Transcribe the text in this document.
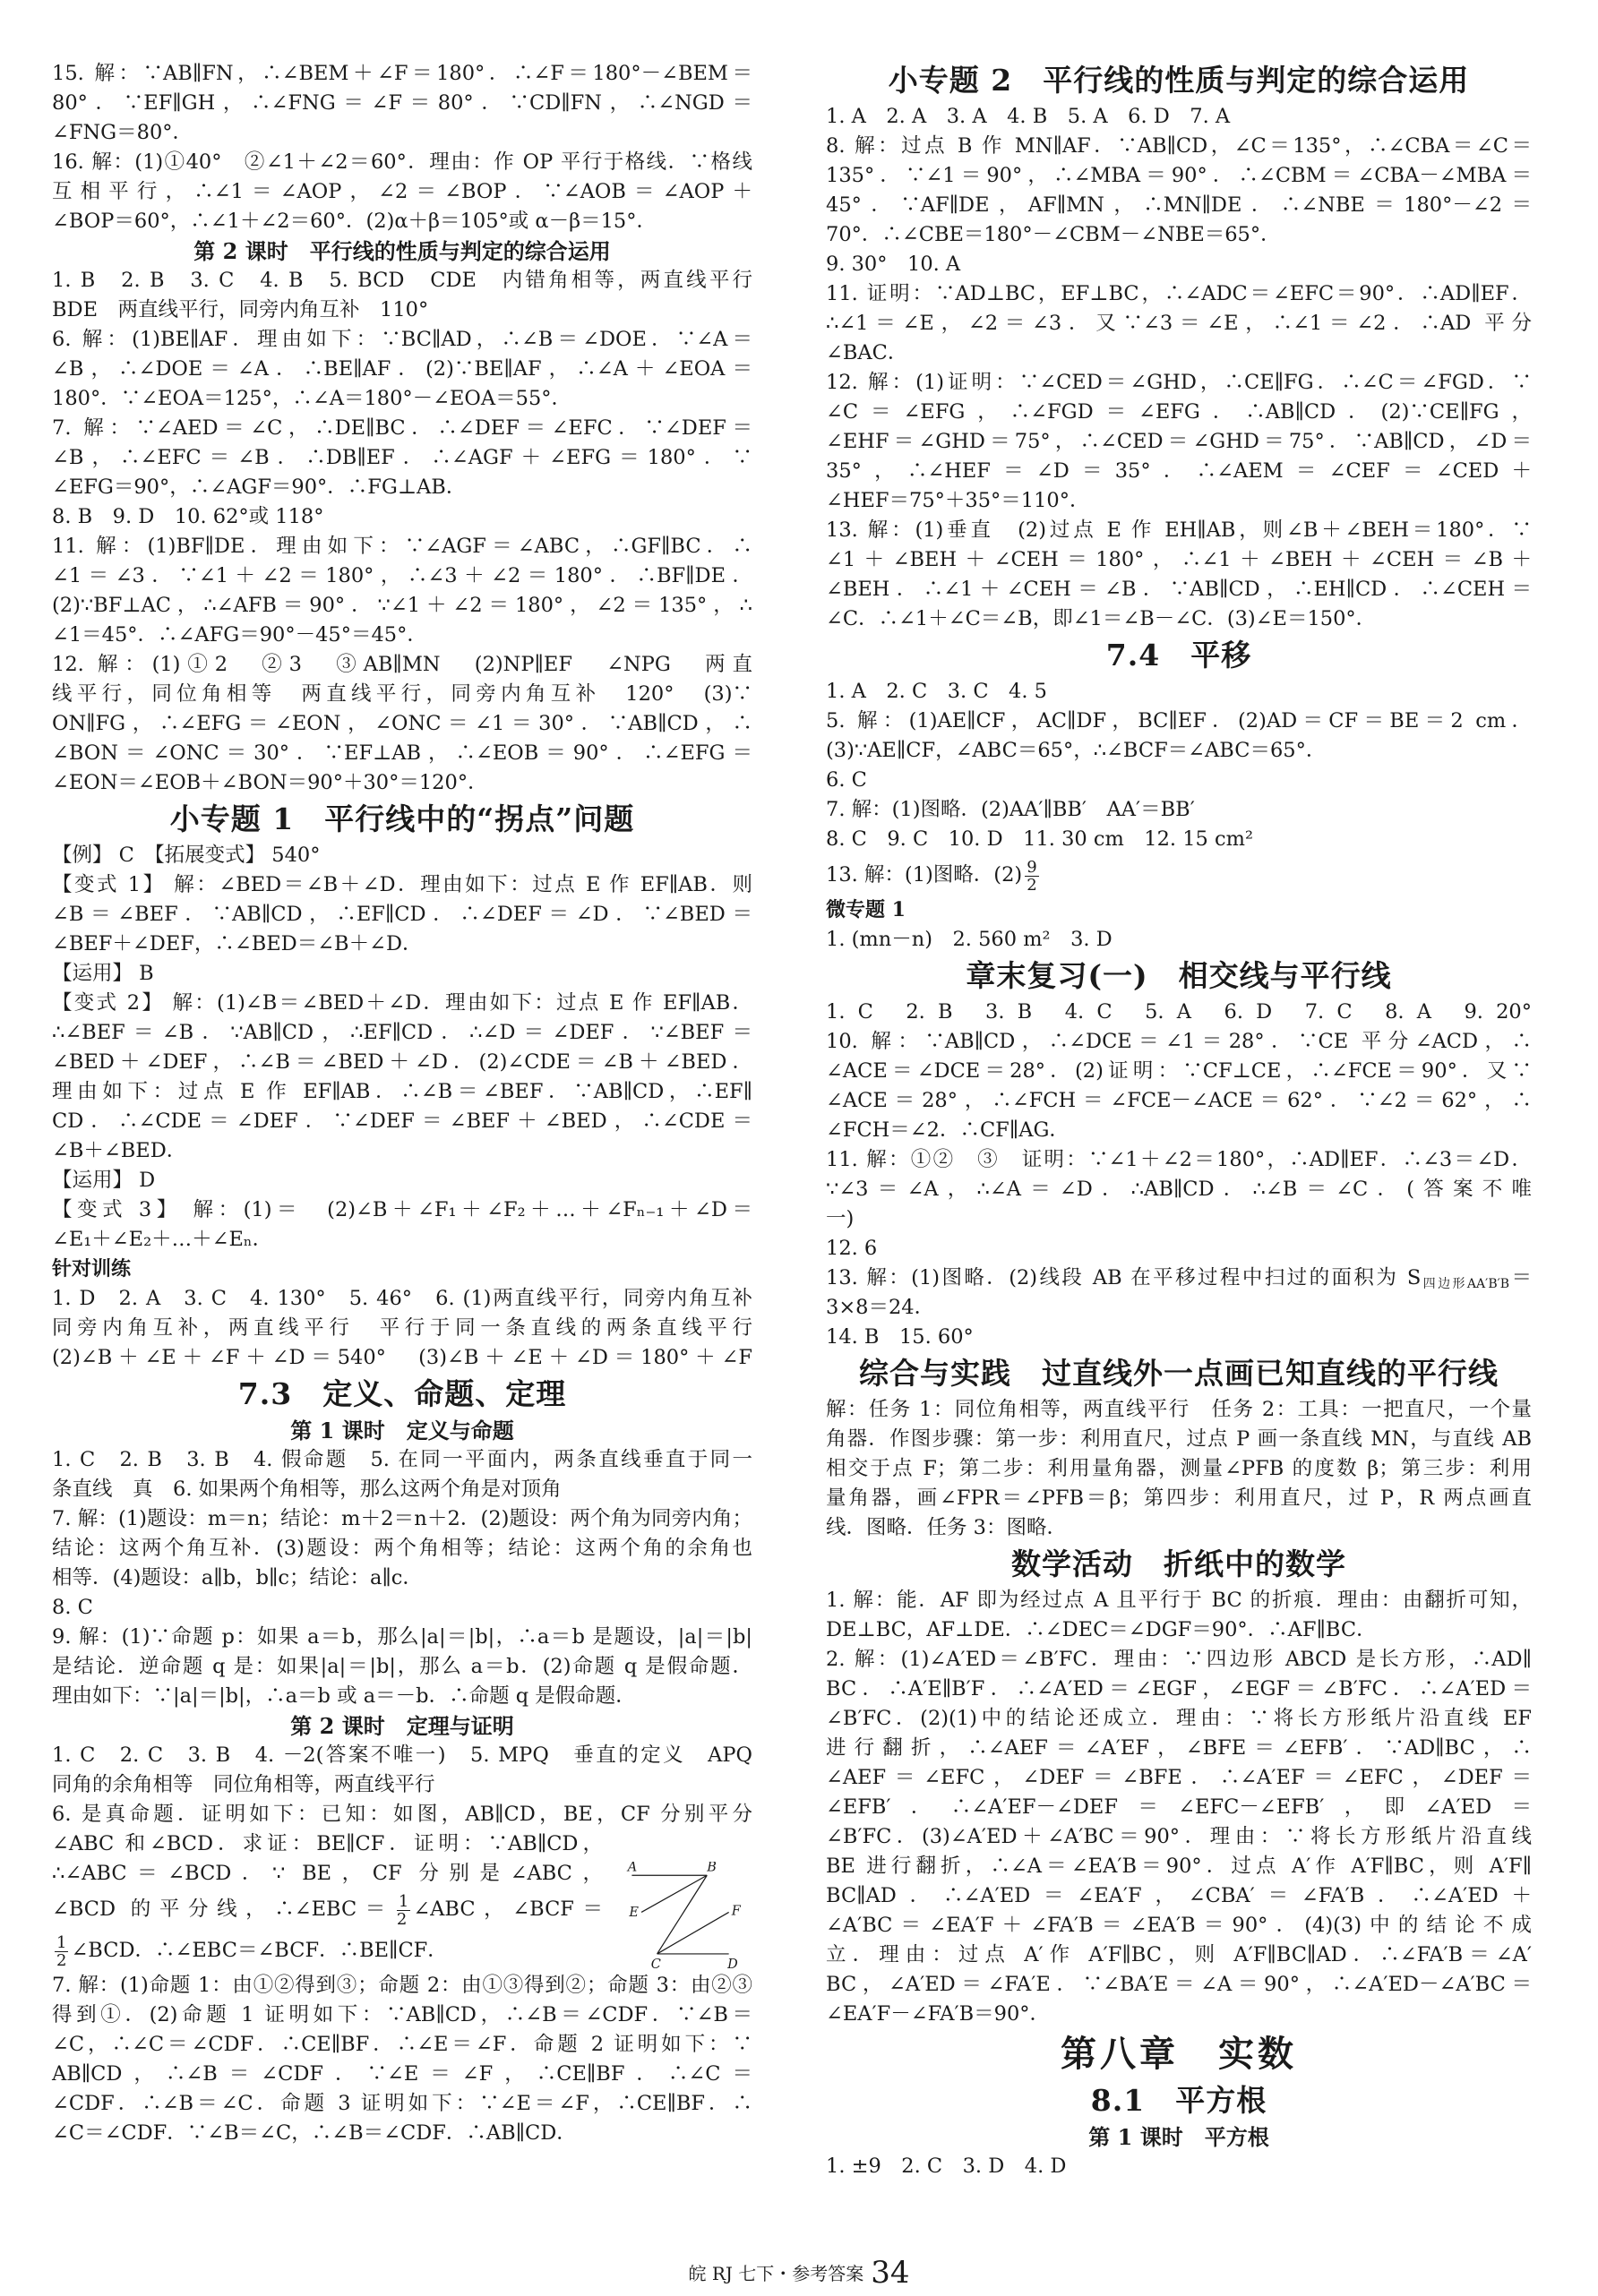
15. 解：∵AB∥FN，∴∠BEM＋∠F＝180°．∴∠F＝180°－∠BEM＝
80°．∵EF∥GH，∴∠FNG＝∠F＝80°．∵CD∥FN，∴∠NGD＝
∠FNG＝80°．
16. 解：(1)①40°　②∠1＋∠2＝60°．理由：作 OP 平行于格线．∵格线
互相平行，∴∠1＝∠AOP，∠2＝∠BOP．∵∠AOB＝∠AOP＋
∠BOP＝60°，∴∠1＋∠2＝60°．(2)α＋β＝105°或 α－β＝15°．
第 2 课时　平行线的性质与判定的综合运用
1. B　2. B　3. C　4. B　5. BCD　CDE　内错角相等，两直线平行
BDE　两直线平行，同旁内角互补　110°
6. 解：(1)BE∥AF．理由如下：∵BC∥AD，∴∠B＝∠DOE．∵∠A＝
∠B，∴∠DOE＝∠A．∴BE∥AF．(2)∵BE∥AF，∴∠A＋∠EOA＝
180°．∵∠EOA＝125°，∴∠A＝180°－∠EOA＝55°．
7. 解：∵∠AED＝∠C，∴DE∥BC．∴∠DEF＝∠EFC．∵∠DEF＝
∠B，∴∠EFC＝∠B．∴DB∥EF．∴∠AGF＋∠EFG＝180°．∵
∠EFG＝90°，∴∠AGF＝90°．∴FG⊥AB．
8. B　9. D　10. 62°或 118°
11. 解：(1)BF∥DE．理由如下：∵∠AGF＝∠ABC，∴GF∥BC．∴
∠1＝∠3．∵∠1＋∠2＝180°，∴∠3＋∠2＝180°．∴BF∥DE．
(2)∵BF⊥AC，∴∠AFB＝90°．∵∠1＋∠2＝180°，∠2＝135°，∴
∠1＝45°．∴∠AFG＝90°－45°＝45°．
12. 解：(1)①2　②3　③AB∥MN　(2)NP∥EF　∠NPG　两直
线平行，同位角相等　两直线平行，同旁内角互补　120°　(3)∵
ON∥FG，∴∠EFG＝∠EON，∠ONC＝∠1＝30°．∵AB∥CD，∴
∠BON＝∠ONC＝30°．∵EF⊥AB，∴∠EOB＝90°．∴∠EFG＝
∠EON＝∠EOB＋∠BON＝90°＋30°＝120°．
小专题 1　平行线中的“拐点”问题
【例】 C　【拓展变式】 540°
【变式 1】 解：∠BED＝∠B＋∠D．理由如下：过点 E 作 EF∥AB．则
∠B＝∠BEF．∵AB∥CD，∴EF∥CD．∴∠DEF＝∠D．∵∠BED＝
∠BEF＋∠DEF，∴∠BED＝∠B＋∠D．
【运用】 B
【变式 2】 解：(1)∠B＝∠BED＋∠D．理由如下：过点 E 作 EF∥AB．
∴∠BEF＝∠B．∵AB∥CD，∴EF∥CD．∴∠D＝∠DEF．∵∠BEF＝
∠BED＋∠DEF，∴∠B＝∠BED＋∠D．(2)∠CDE＝∠B＋∠BED．
理由如下：过点 E 作 EF∥AB．∴∠B＝∠BEF．∵AB∥CD，∴EF∥
CD．∴∠CDE＝∠DEF．∵∠DEF＝∠BEF＋∠BED，∴∠CDE＝
∠B＋∠BED．
【运用】 D
【变式 3】 解：(1)＝　(2)∠B＋∠F₁＋∠F₂＋…＋∠Fₙ₋₁＋∠D＝
∠E₁＋∠E₂＋…＋∠Eₙ．
针对训练
1. D　2. A　3. C　4. 130°　5. 46°　6. (1)两直线平行，同旁内角互补
同旁内角互补，两直线平行　平行于同一条直线的两条直线平行
(2)∠B＋∠E＋∠F＋∠D＝540°　(3)∠B＋∠E＋∠D＝180°＋∠F
7.3　定义、命题、定理
第 1 课时　定义与命题
1. C　2. B　3. B　4. 假命题　5. 在同一平面内，两条直线垂直于同一
条直线　真　6. 如果两个角相等，那么这两个角是对顶角
7. 解：(1)题设：m＝n；结论：m＋2＝n＋2．(2)题设：两个角为同旁内角；
结论：这两个角互补．(3)题设：两个角相等；结论：这两个角的余角也
相等．(4)题设：a∥b，b∥c；结论：a∥c．
8. C
9. 解：(1)∵命题 p：如果 a＝b，那么|a|＝|b|，∴a＝b 是题设，|a|＝|b|
是结论．逆命题 q 是：如果|a|＝|b|，那么 a＝b．(2)命题 q 是假命题．
理由如下：∵|a|＝|b|，∴a＝b 或 a＝－b．∴命题 q 是假命题．
第 2 课时　定理与证明
1. C　2. C　3. B　4. －2(答案不唯一)　5. MPQ　垂直的定义　APQ
同角的余角相等　同位角相等，两直线平行
6. 是真命题．证明如下：已知：如图，AB∥CD，BE，CF 分别平分
∠ABC 和∠BCD．求证：BE∥CF．证明：∵AB∥CD，
∴∠ABC＝∠BCD．∵ BE，CF 分别是∠ABC，
∠BCD 的平分线，∴∠EBC＝ $\frac{1}{2}$ ∠ABC，∠BCF＝
$\frac{1}{2}$ ∠BCD．∴∠EBC＝∠BCF．∴BE∥CF．
7. 解：(1)命题 1：由①②得到③；命题 2：由①③得到②；命题 3：由②③
得到①．(2)命题 1 证明如下：∵AB∥CD，∴∠B＝∠CDF．∵∠B＝
∠C，∴∠C＝∠CDF．∴CE∥BF．∴∠E＝∠F．命题 2 证明如下：∵
AB∥CD，∴∠B＝∠CDF．∵∠E＝∠F，∴CE∥BF．∴∠C＝
∠CDF．∴∠B＝∠C．命题 3 证明如下：∵∠E＝∠F，∴CE∥BF．∴
∠C＝∠CDF．∵∠B＝∠C，∴∠B＝∠CDF．∴AB∥CD．
小专题 2　平行线的性质与判定的综合运用
1. A　2. A　3. A　4. B　5. A　6. D　7. A
8. 解：过点 B 作 MN∥AF．∵AB∥CD，∠C＝135°，∴∠CBA＝∠C＝
135°．∵∠1＝90°，∴∠MBA＝90°．∴∠CBM＝∠CBA－∠MBA＝
45°．∵AF∥DE，AF∥MN，∴MN∥DE．∴∠NBE＝180°－∠2＝
70°．∴∠CBE＝180°－∠CBM－∠NBE＝65°．
9. 30°　10. A
11. 证明：∵AD⊥BC，EF⊥BC，∴∠ADC＝∠EFC＝90°．∴AD∥EF．
∴∠1＝∠E，∠2＝∠3．又∵∠3＝∠E，∴∠1＝∠2．∴AD 平分
∠BAC．
12. 解：(1)证明：∵∠CED＝∠GHD，∴CE∥FG．∴∠C＝∠FGD．∵
∠C＝∠EFG，∴∠FGD＝∠EFG．∴AB∥CD．(2)∵CE∥FG，
∠EHF＝∠GHD＝75°，∴∠CED＝∠GHD＝75°．∵AB∥CD，∠D＝
35°，∴∠HEF＝∠D＝35°．∴∠AEM＝∠CEF＝∠CED＋
∠HEF＝75°＋35°＝110°．
13. 解：(1)垂直　(2)过点 E 作 EH∥AB，则∠B＋∠BEH＝180°．∵
∠1＋∠BEH＋∠CEH＝180°，∴∠1＋∠BEH＋∠CEH＝∠B＋
∠BEH．∴∠1＋∠CEH＝∠B．∵AB∥CD，∴EH∥CD．∴∠CEH＝
∠C．∴∠1＋∠C＝∠B，即∠1＝∠B－∠C．(3)∠E＝150°．
7.4　平移
1. A　2. C　3. C　4. 5
5. 解：(1)AE∥CF，AC∥DF，BC∥EF．(2)AD＝CF＝BE＝2 cm．
(3)∵AE∥CF，∠ABC＝65°，∴∠BCF＝∠ABC＝65°．
6. C
7. 解：(1)图略．(2)AA′∥BB′　AA′＝BB′
8. C　9. C　10. D　11. 30 cm　12. 15 cm²
13. 解：(1)图略．$(2) \frac{9}{2}$
微专题 1
1. (mn－n)　2. 560 m²　3. D
章末复习(一)　相交线与平行线
1. C　2. B　3. B　4. C　5. A　6. D　7. C　8. A　9. 20°
10. 解：∵AB∥CD，∴∠DCE＝∠1＝28°．∵CE 平分∠ACD，∴
∠ACE＝∠DCE＝28°．(2)证明：∵CF⊥CE，∴∠FCE＝90°．又∵
∠ACE＝28°，∴∠FCH＝∠FCE－∠ACE＝62°．∵∠2＝62°，∴
∠FCH＝∠2．∴CF∥AG．
11. 解：①②　③　证明：∵∠1＋∠2＝180°，∴AD∥EF．∴∠3＝∠D．
∵∠3＝∠A，∴∠A＝∠D．∴AB∥CD．∴∠B＝∠C．(答案不唯
一)
12. 6
13. 解：(1)图略．(2)线段 AB 在平移过程中扫过的面积为 $S_{四边形AA'B'B}=$
3×8＝24．
14. B　15. 60°
综合与实践　过直线外一点画已知直线的平行线
解：任务 1：同位角相等，两直线平行　任务 2：工具：一把直尺，一个量
角器．作图步骤：第一步：利用直尺，过点 P 画一条直线 MN，与直线 AB
相交于点 F；第二步：利用量角器，测量∠PFB 的度数 β；第三步：利用
量角器，画∠FPR＝∠PFB＝β；第四步：利用直尺，过 P，R 两点画直
线．图略．任务 3：图略．
数学活动　折纸中的数学
1. 解：能．AF 即为经过点 A 且平行于 BC 的折痕．理由：由翻折可知，
DE⊥BC，AF⊥DE．∴∠DEC＝∠DGF＝90°．∴AF∥BC．
2. 解：(1)∠A′ED＝∠B′FC．理由：∵四边形 ABCD 是长方形，∴AD∥
BC．∴A′E∥B′F．∴∠A′ED＝∠EGF，∠EGF＝∠B′FC．∴∠A′ED＝
∠B′FC．(2)(1)中的结论还成立．理由：∵将长方形纸片沿直线 EF
进行翻折，∴∠AEF＝∠A′EF，∠BFE＝∠EFB′．∵AD∥BC，∴
∠AEF＝∠EFC，∠DEF＝∠BFE．∴∠A′EF＝∠EFC，∠DEF＝
∠EFB′．∴∠A′EF－∠DEF＝∠EFC－∠EFB′，即∠A′ED＝
∠B′FC．(3)∠A′ED＋∠A′BC＝90°．理由：∵将长方形纸片沿直线
BE 进行翻折，∴∠A＝∠EA′B＝90°．过点 A′作 A′F∥BC，则 A′F∥
BC∥AD．∴∠A′ED＝∠EA′F，∠CBA′＝∠FA′B．∴∠A′ED＋
∠A′BC＝∠EA′F＋∠FA′B＝∠EA′B＝90°．(4)(3)中的结论不成
立．理由：过点 A′作 A′F∥BC，则 A′F∥BC∥AD．∴∠FA′B＝∠A′
BC，∠A′ED＝∠FA′E．∵∠BA′E＝∠A＝90°，∴∠A′ED－∠A′BC＝
∠EA′F－∠FA′B＝90°．
第八章　实数
8.1　平方根
第 1 课时　平方根
1. ±9　2. C　3. D　4. D
A	B
E	F
C	D
皖 RJ 七下・参考答案 34
